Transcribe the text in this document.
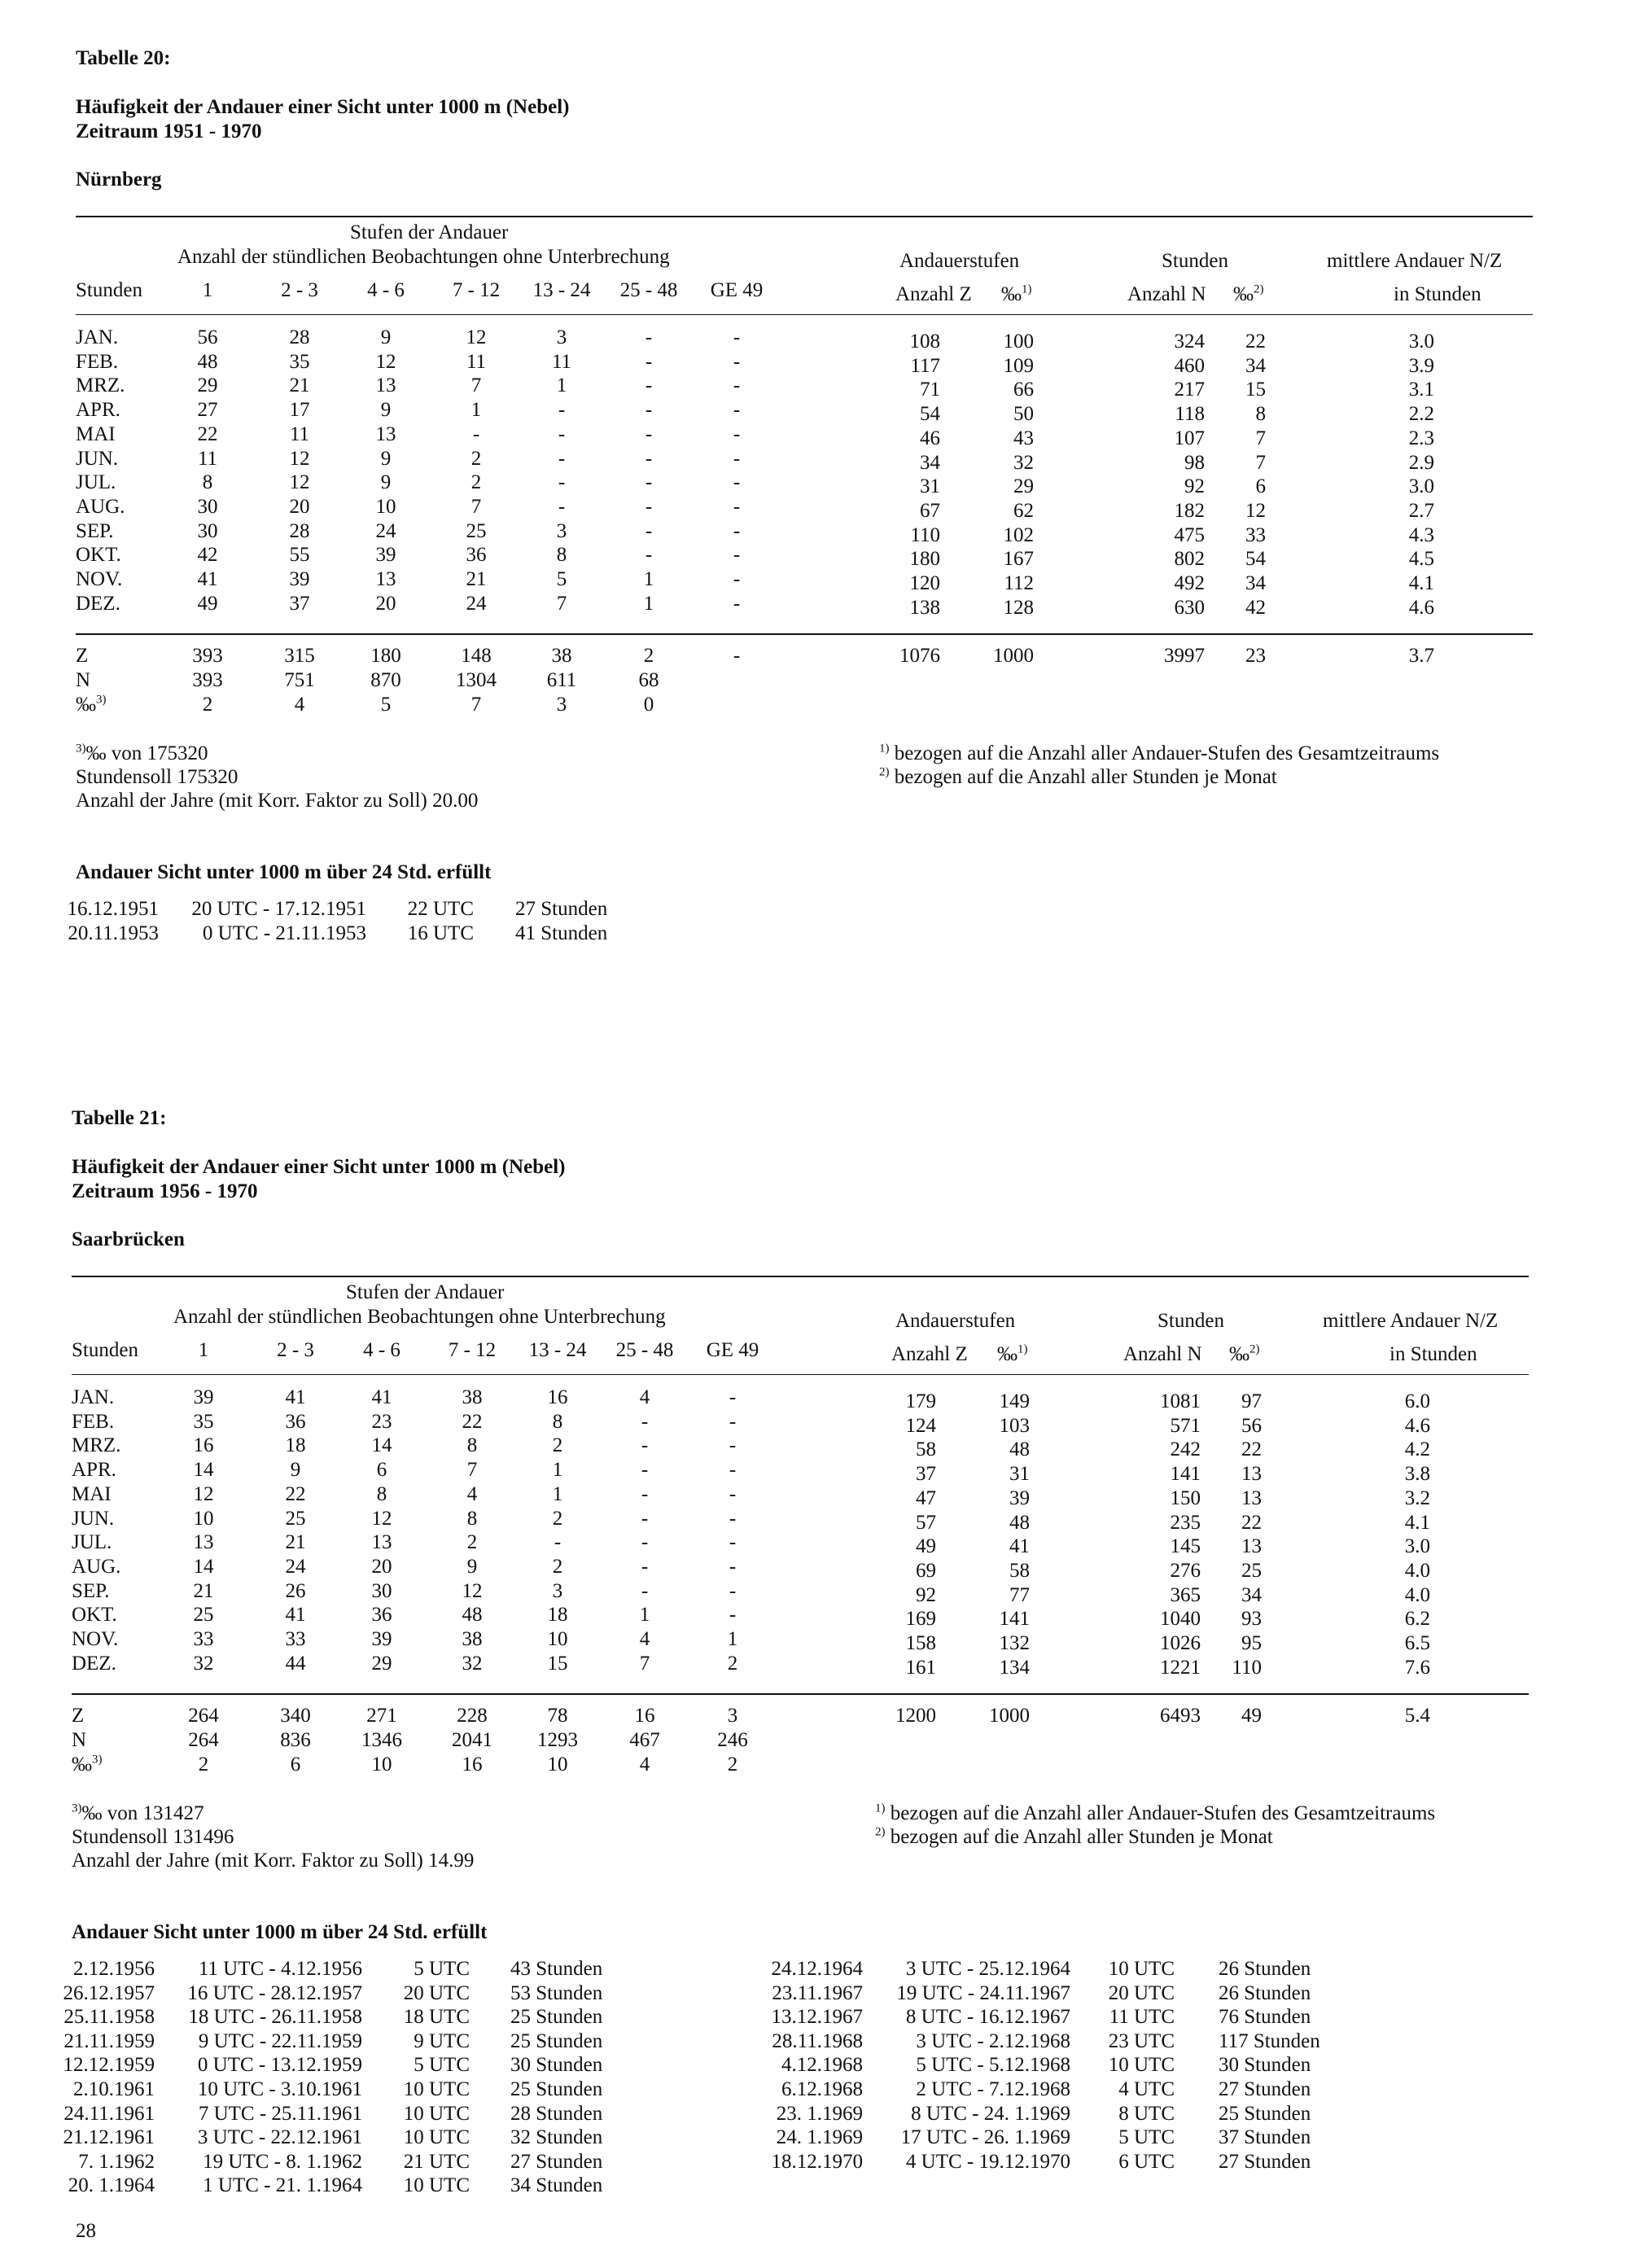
Tabelle 20:
Häufigkeit der Andauer einer Sicht unter 1000 m (Nebel)
Zeitraum 1951 - 1970
Nürnberg
Stufen der Andauer
Anzahl der stündlichen Beobachtungen ohne Unterbrechung	Andauerstufen	Stunden	mittlere Andauer N/Z
Stunden	1	2 - 3	4 - 6	7 - 12	13 - 24	25 - 48	GE 49	Anzahl Z ‰$^{1)}$	Anzahl N ‰$^{2)}$	in Stunden
JAN.	56	28	9	12	3	-	-	108	100	324	22	3.0
FEB.	48	35	12	11	11	-	-	117	109	460	34	3.9
MRZ.	29	21	13	7	1	-	-	71	66	217	15	3.1
APR.	27	17	9	1	-	-	-	54	50	118	8	2.2
MAI	22	11	13	-	-	-	-	46	43	107	7	2.3
JUN.	11	12	9	2	-	-	-	34	32	98	7	2.9
JUL.	8	12	9	2	-	-	-	31	29	92	6	3.0
AUG.	30	20	10	7	-	-	-	67	62	182	12	2.7
SEP.	30	28	24	25	3	-	-	110	102	475	33	4.3
OKT.	42	55	39	36	8	-	-	180	167	802	54	4.5
NOV.	41	39	13	21	5	1	-	120	112	492	34	4.1
DEZ.	49	37	20	24	7	1	-	138	128	630	42	4.6
Z	393	315	180	148	38	2	-	1076	1000	3997	23	3.7
N	393	751	870	1304	611	68
‰$^{3)}$	2	4	5	7	3	0
$^{3)}$‰ von 175320
Stundensoll 175320
Anzahl der Jahre (mit Korr. Faktor zu Soll) 20.00
$^{1)}$ bezogen auf die Anzahl aller Andauer-Stufen des Gesamtzeitraums
$^{2)}$ bezogen auf die Anzahl aller Stunden je Monat
Andauer Sicht unter 1000 m über 24 Std. erfüllt
16.12.1951	20 UTC - 17.12.1951	22 UTC 27 Stunden
20.11.1953	0 UTC - 21.11.1953	16 UTC 41 Stunden
Tabelle 21:
Häufigkeit der Andauer einer Sicht unter 1000 m (Nebel)
Zeitraum 1956 - 1970
Saarbrücken
Stufen der Andauer
Anzahl der stündlichen Beobachtungen ohne Unterbrechung	Andauerstufen	Stunden	mittlere Andauer N/Z
Stunden	1	2 - 3	4 - 6	7 - 12	13 - 24	25 - 48	GE 49	Anzahl Z ‰$^{1)}$	Anzahl N ‰$^{2)}$	in Stunden
JAN.	39	41	41	38	16	4	-	179	149	1081	97	6.0
FEB.	35	36	23	22	8	-	-	124	103	571	56	4.6
MRZ.	16	18	14	8	2	-	-	58	48	242	22	4.2
APR.	14	9	6	7	1	-	-	37	31	141	13	3.8
MAI	12	22	8	4	1	-	-	47	39	150	13	3.2
JUN.	10	25	12	8	2	-	-	57	48	235	22	4.1
JUL.	13	21	13	2	-	-	-	49	41	145	13	3.0
AUG.	14	24	20	9	2	-	-	69	58	276	25	4.0
SEP.	21	26	30	12	3	-	-	92	77	365	34	4.0
OKT.	25	41	36	48	18	1	-	169	141	1040	93	6.2
NOV.	33	33	39	38	10	4	1	158	132	1026	95	6.5
DEZ.	32	44	29	32	15	7	2	161	134	1221	110	7.6
Z	264	340	271	228	78	16	3	1200	1000	6493	49	5.4
N	264	836	1346	2041	1293	467	246
‰$^{3)}$	2	6	10	16	10	4	2
$^{3)}$‰ von 131427
Stundensoll 131496
Anzahl der Jahre (mit Korr. Faktor zu Soll) 14.99
$^{1)}$ bezogen auf die Anzahl aller Andauer-Stufen des Gesamtzeitraums
$^{2)}$ bezogen auf die Anzahl aller Stunden je Monat
Andauer Sicht unter 1000 m über 24 Std. erfüllt
2.12.1956	11 UTC - 4.12.1956	5 UTC 43 Stunden
26.12.1957	16 UTC - 28.12.1957	20 UTC 53 Stunden
25.11.1958	18 UTC - 26.11.1958	18 UTC 25 Stunden
21.11.1959	9 UTC - 22.11.1959	9 UTC 25 Stunden
12.12.1959	0 UTC - 13.12.1959	5 UTC 30 Stunden
2.10.1961	10 UTC - 3.10.1961	10 UTC 25 Stunden
24.11.1961	7 UTC - 25.11.1961	10 UTC 28 Stunden
21.12.1961	3 UTC - 22.12.1961	10 UTC 32 Stunden
7. 1.1962	19 UTC - 8. 1.1962	21 UTC 27 Stunden
20. 1.1964	1 UTC - 21. 1.1964	10 UTC 34 Stunden
24.12.1964	3 UTC - 25.12.1964	10 UTC 26 Stunden
23.11.1967	19 UTC - 24.11.1967	20 UTC 26 Stunden
13.12.1967	8 UTC - 16.12.1967	11 UTC 76 Stunden
28.11.1968	3 UTC - 2.12.1968	23 UTC 117 Stunden
4.12.1968	5 UTC - 5.12.1968	10 UTC 30 Stunden
6.12.1968	2 UTC - 7.12.1968	4 UTC 27 Stunden
23. 1.1969	8 UTC - 24. 1.1969	8 UTC 25 Stunden
24. 1.1969	17 UTC - 26. 1.1969	5 UTC 37 Stunden
18.12.1970	4 UTC - 19.12.1970	6 UTC 27 Stunden
28
